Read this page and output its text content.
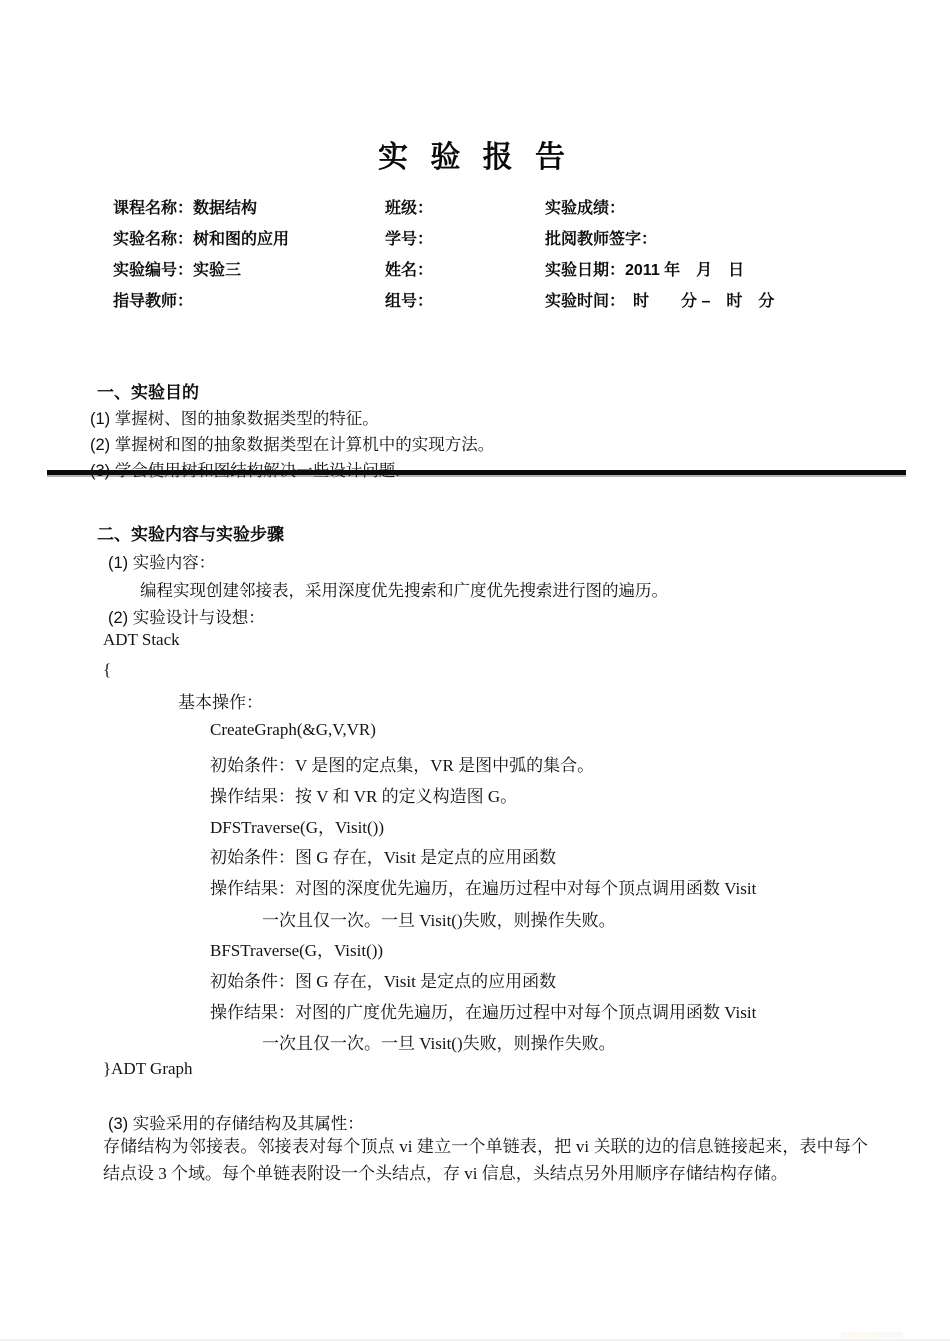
实 验 报 告
课程名称：数据结构	班级：	实验成绩：
实验名称：树和图的应用	学号：	批阅教师签字：
实验编号：实验三	姓名：	实验日期：2011 年　月　日
指导教师：	组号：	实验时间：　时　　分 –　时　分
一、实验目的
(1) 掌握树、图的抽象数据类型的特征。
(2) 掌握树和图的抽象数据类型在计算机中的实现方法。
二、实验内容与实验步骤
(1) 实验内容：
编程实现创建邻接表，采用深度优先搜索和广度优先搜索进行图的遍历。
(2) 实验设计与设想：
ADT Stack
{
基本操作：
CreateGraph(&G,V,VR)
初始条件：V 是图的定点集，VR 是图中弧的集合。
操作结果：按 V 和 VR 的定义构造图 G。
DFSTraverse(G，Visit())
初始条件：图 G 存在，Visit 是定点的应用函数
操作结果：对图的深度优先遍历，在遍历过程中对每个顶点调用函数 Visit
一次且仅一次。一旦 Visit()失败，则操作失败。
BFSTraverse(G，Visit())
初始条件：图 G 存在，Visit 是定点的应用函数
操作结果：对图的广度优先遍历，在遍历过程中对每个顶点调用函数 Visit
一次且仅一次。一旦 Visit()失败，则操作失败。
}ADT Graph
(3) 实验采用的存储结构及其属性：
存储结构为邻接表。邻接表对每个顶点 vi 建立一个单链表，把 vi 关联的边的信息链接起来，表中每个结点设 3 个域。每个单链表附设一个头结点，存 vi 信息，头结点另外用顺序存储结构存储。
